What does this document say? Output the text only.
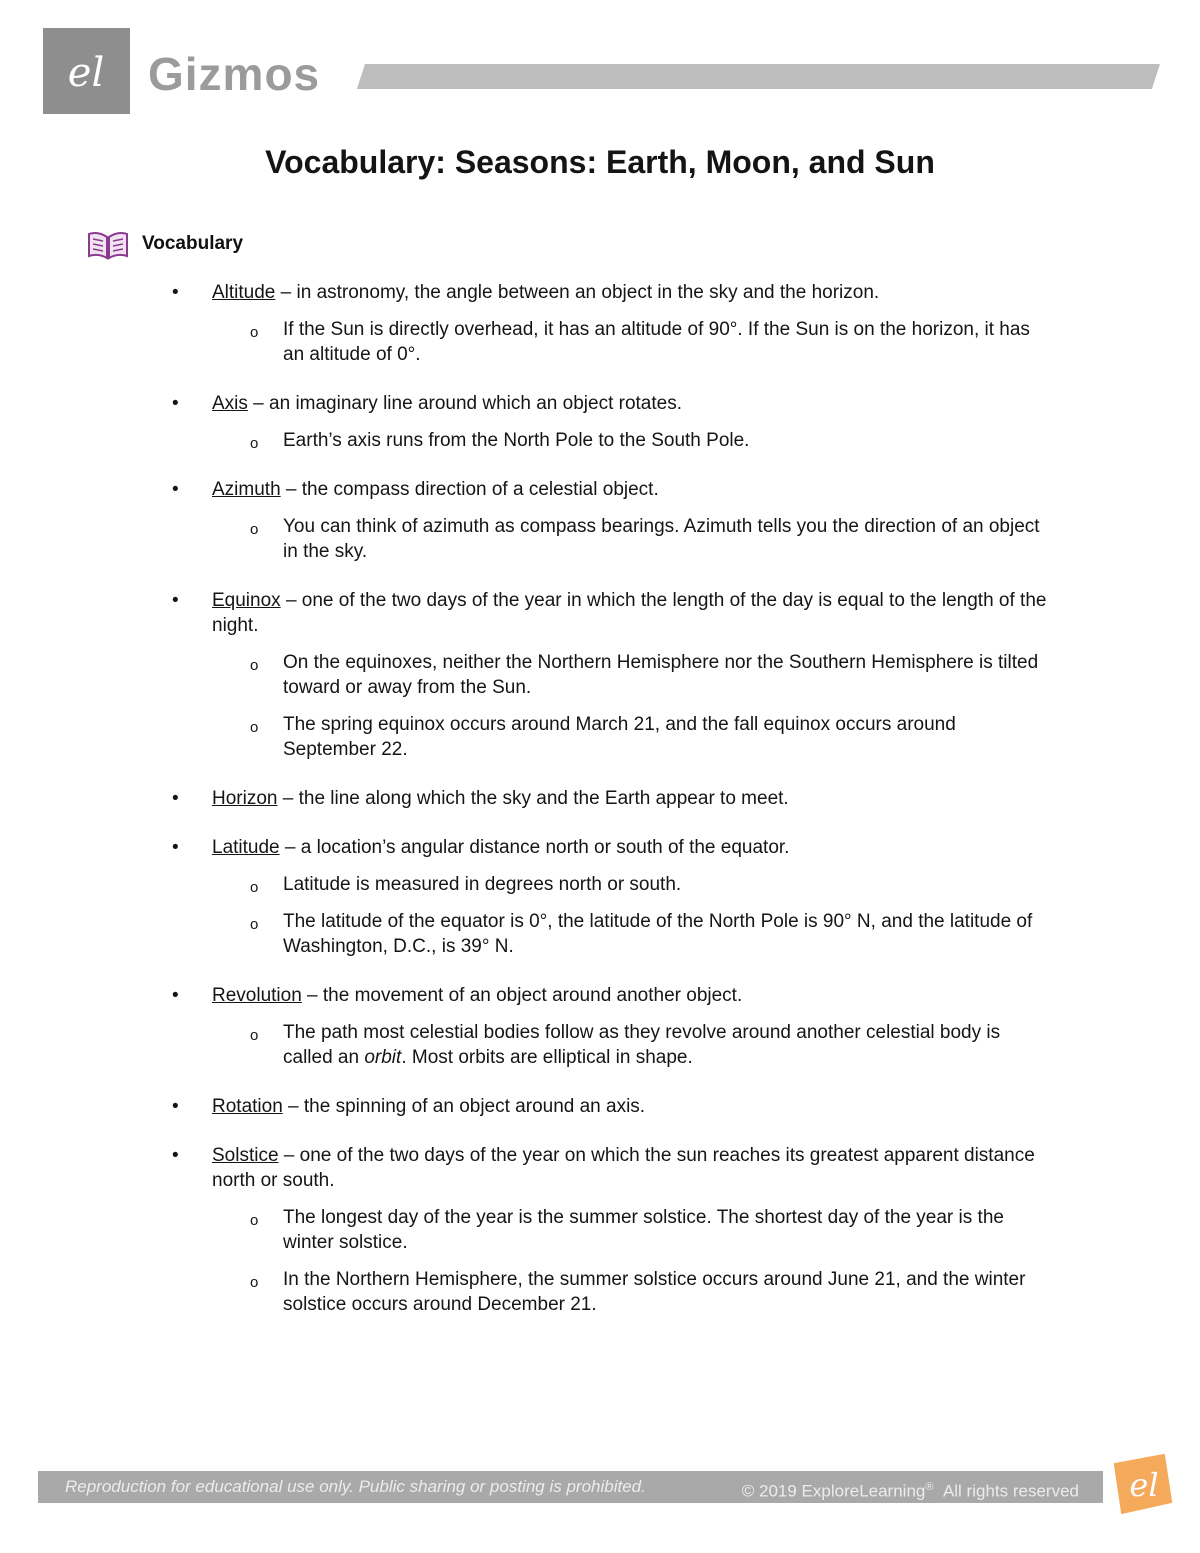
el Gizmos
Vocabulary: Seasons: Earth, Moon, and Sun
Vocabulary
• Altitude – in astronomy, the angle between an object in the sky and the horizon.
o If the Sun is directly overhead, it has an altitude of 90°. If the Sun is on the horizon, it has an altitude of 0°.
• Axis – an imaginary line around which an object rotates.
o Earth’s axis runs from the North Pole to the South Pole.
• Azimuth – the compass direction of a celestial object.
o You can think of azimuth as compass bearings. Azimuth tells you the direction of an object in the sky.
• Equinox – one of the two days of the year in which the length of the day is equal to the length of the night.
o On the equinoxes, neither the Northern Hemisphere nor the Southern Hemisphere is tilted toward or away from the Sun.
o The spring equinox occurs around March 21, and the fall equinox occurs around September 22.
• Horizon – the line along which the sky and the Earth appear to meet.
• Latitude – a location’s angular distance north or south of the equator.
o Latitude is measured in degrees north or south.
o The latitude of the equator is 0°, the latitude of the North Pole is 90° N, and the latitude of Washington, D.C., is 39° N.
• Revolution – the movement of an object around another object.
o The path most celestial bodies follow as they revolve around another celestial body is called an orbit. Most orbits are elliptical in shape.
• Rotation – the spinning of an object around an axis.
• Solstice – one of the two days of the year on which the sun reaches its greatest apparent distance north or south.
o The longest day of the year is the summer solstice. The shortest day of the year is the winter solstice.
o In the Northern Hemisphere, the summer solstice occurs around June 21, and the winter solstice occurs around December 21.
Reproduction for educational use only. Public sharing or posting is prohibited.	© 2019 ExploreLearning® All rights reserved el
